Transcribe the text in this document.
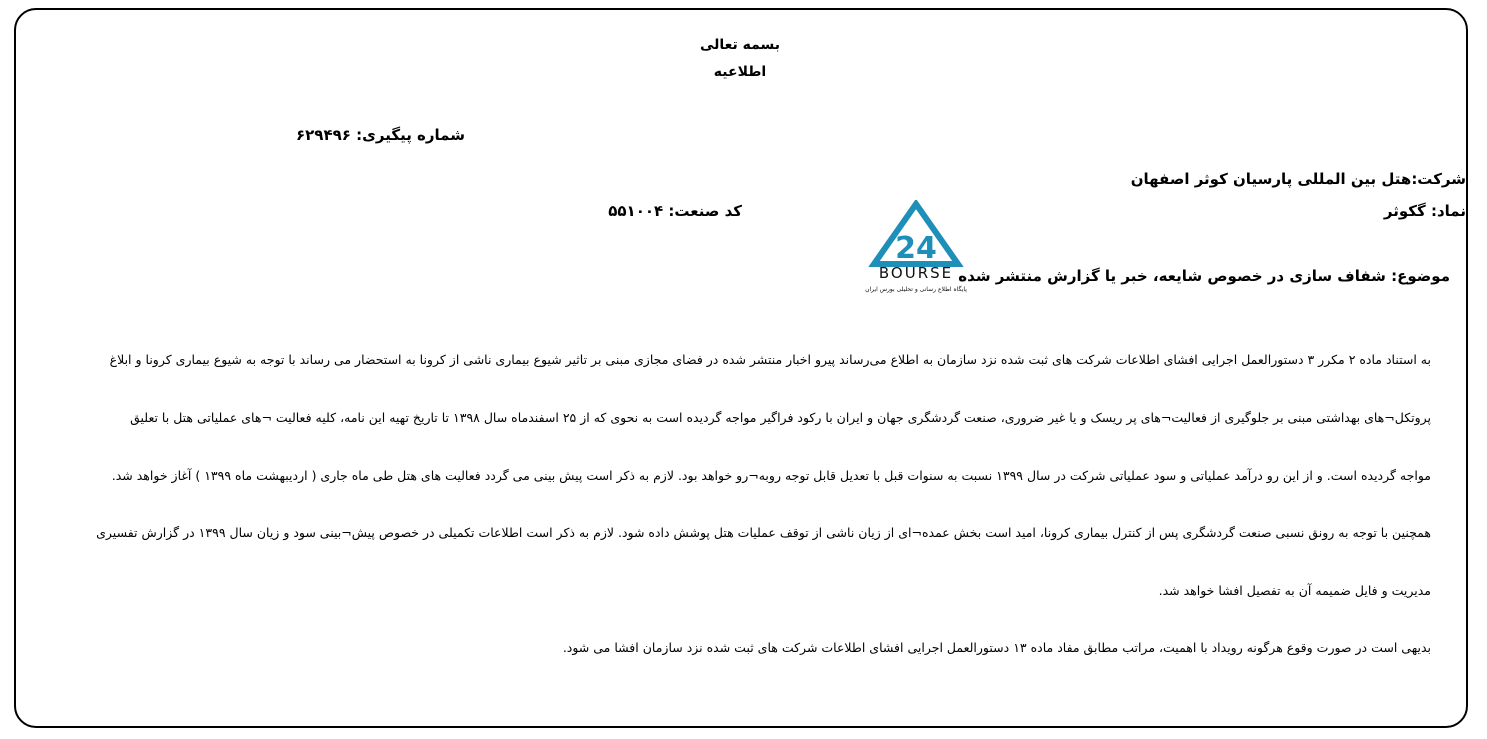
بسمه تعالی
اطلاعیه
شماره پیگیری: ۶۲۹۴۹۶
شرکت:هتل بین المللی پارسیان کوثر اصفهان
نماد: گکوثر
کد صنعت: ۵۵۱۰۰۴
موضوع: شفاف سازی در خصوص شایعه، خبر یا گزارش منتشر شده
24
BOURSE
پایگاه اطلاع رسانی و تحلیلی بورس ایران
به استناد ماده ۲ مکرر ۳ دستورالعمل اجرایی افشای اطلاعات شرکت های ثبت شده نزد سازمان به اطلاع می‌رساند پیرو اخبار منتشر شده در فضای مجازی مبنی بر تاثیر شیوع بیماری ناشی از کرونا به استحضار می رساند با توجه به شیوع بیماری کرونا و ابلاغ
پروتکل¬های بهداشتی مبنی بر جلوگیری از فعالیت¬های پر ریسک و یا غیر ضروری، صنعت گردشگری جهان و ایران با رکود فراگیر مواجه گردیده است به نحوی که از ۲۵ اسفندماه سال ۱۳۹۸ تا تاریخ تهیه این نامه، کلیه فعالیت ¬های عملیاتی هتل با تعلیق
مواجه گردیده است. و از این رو درآمد عملیاتی و سود عملیاتی شرکت در سال ۱۳۹۹ نسبت به سنوات قبل با تعدیل قابل توجه روبه¬رو خواهد بود. لازم به ذکر است پیش بینی می گردد فعالیت های هتل طی ماه جاری ( اردیبهشت ماه ۱۳۹۹ ) آغاز خواهد شد.
همچنین با توجه به رونق نسبی صنعت گردشگری پس از کنترل بیماری کرونا، امید است بخش عمده¬ای از زیان ناشی از توقف عملیات هتل پوشش داده شود. لازم به ذکر است اطلاعات تکمیلی در خصوص پیش¬بینی سود و زیان سال ۱۳۹۹ در گزارش تفسیری
مدیریت و فایل ضمیمه آن به تفصیل افشا خواهد شد.
بدیهی است در صورت وقوع هرگونه رویداد با اهمیت، مراتب مطابق مفاد ماده ۱۳ دستورالعمل اجرایی افشای اطلاعات شرکت های ثبت شده نزد سازمان افشا می شود.
